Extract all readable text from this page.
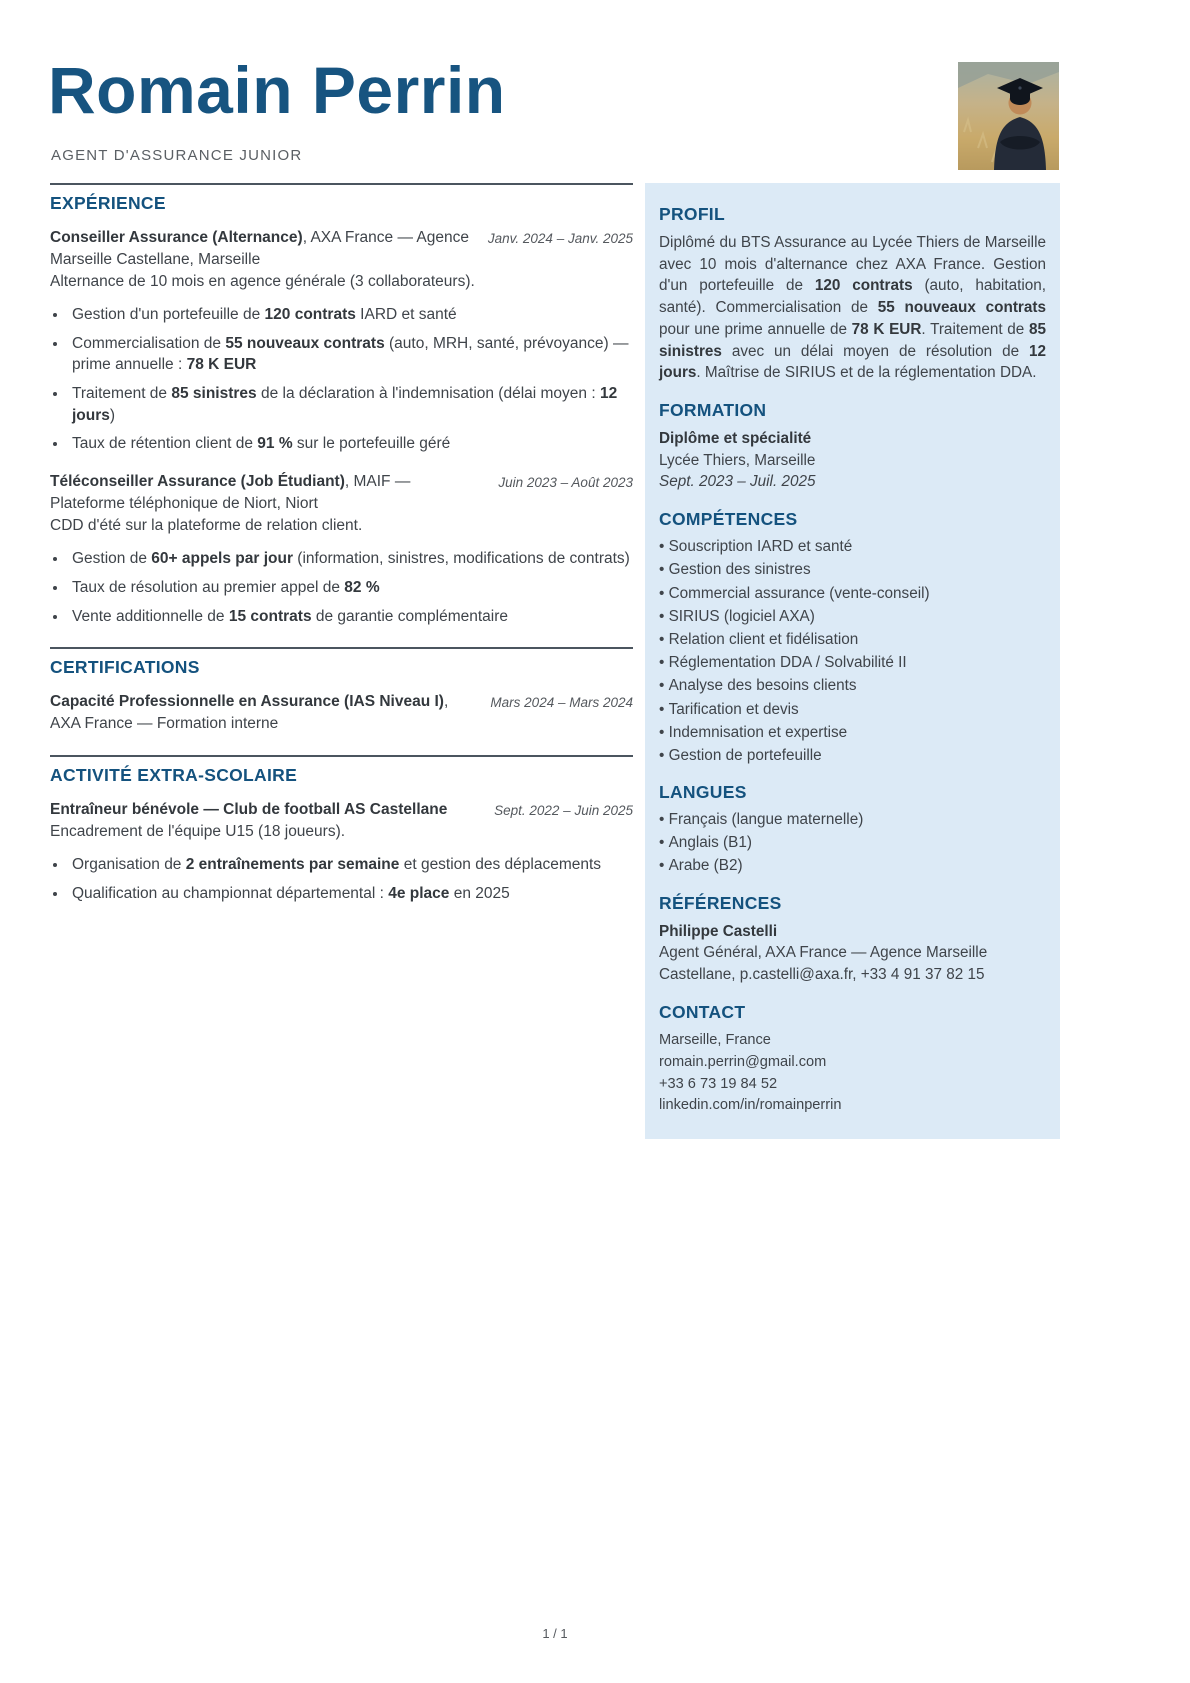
Romain Perrin
AGENT D'ASSURANCE JUNIOR
EXPÉRIENCE
Janv. 2024 – Janv. 2025
Conseiller Assurance (Alternance), AXA France — Agence Marseille Castellane, Marseille
Alternance de 10 mois en agence générale (3 collaborateurs).
• Gestion d'un portefeuille de 120 contrats IARD et santé
• Commercialisation de 55 nouveaux contrats (auto, MRH, santé, prévoyance) — prime annuelle : 78 K EUR
• Traitement de 85 sinistres de la déclaration à l'indemnisation (délai moyen : 12 jours)
• Taux de rétention client de 91 % sur le portefeuille géré
Juin 2023 – Août 2023
Téléconseiller Assurance (Job Étudiant), MAIF — Plateforme téléphonique de Niort, Niort
CDD d'été sur la plateforme de relation client.
• Gestion de 60+ appels par jour (information, sinistres, modifications de contrats)
• Taux de résolution au premier appel de 82 %
• Vente additionnelle de 15 contrats de garantie complémentaire
CERTIFICATIONS
Mars 2024 – Mars 2024
Capacité Professionnelle en Assurance (IAS Niveau I), AXA France — Formation interne
ACTIVITÉ EXTRA-SCOLAIRE
Sept. 2022 – Juin 2025
Entraîneur bénévole — Club de football AS Castellane
Encadrement de l'équipe U15 (18 joueurs).
• Organisation de 2 entraînements par semaine et gestion des déplacements
• Qualification au championnat départemental : 4e place en 2025
PROFIL

Diplômé du BTS Assurance au Lycée Thiers de Marseille avec 10 mois d'alternance chez AXA France. Gestion d'un portefeuille de 120 contrats (auto, habitation, santé). Commercialisation de 55 nouveaux contrats pour une prime annuelle de 78 K EUR. Traitement de 85 sinistres avec un délai moyen de résolution de 12 jours. Maîtrise de SIRIUS et de la réglementation DDA.

FORMATION
Diplôme et spécialité
Lycée Thiers, Marseille
Sept. 2023 – Juil. 2025
COMPÉTENCES
• Souscription IARD et santé
• Gestion des sinistres
• Commercial assurance (vente-conseil)
• SIRIUS (logiciel AXA)
• Relation client et fidélisation
• Réglementation DDA / Solvabilité II
• Analyse des besoins clients
• Tarification et devis
• Indemnisation et expertise
• Gestion de portefeuille
LANGUES
• Français (langue maternelle)
• Anglais (B1)
• Arabe (B2)
RÉFÉRENCES
Philippe Castelli

Agent Général, AXA France — Agence Marseille Castellane, p.castelli@axa.fr, +33 4 91 37 82 15

CONTACT
Marseille, France
romain.perrin@gmail.com
+33 6 73 19 84 52
linkedin.com/in/romainperrin
1 / 1
